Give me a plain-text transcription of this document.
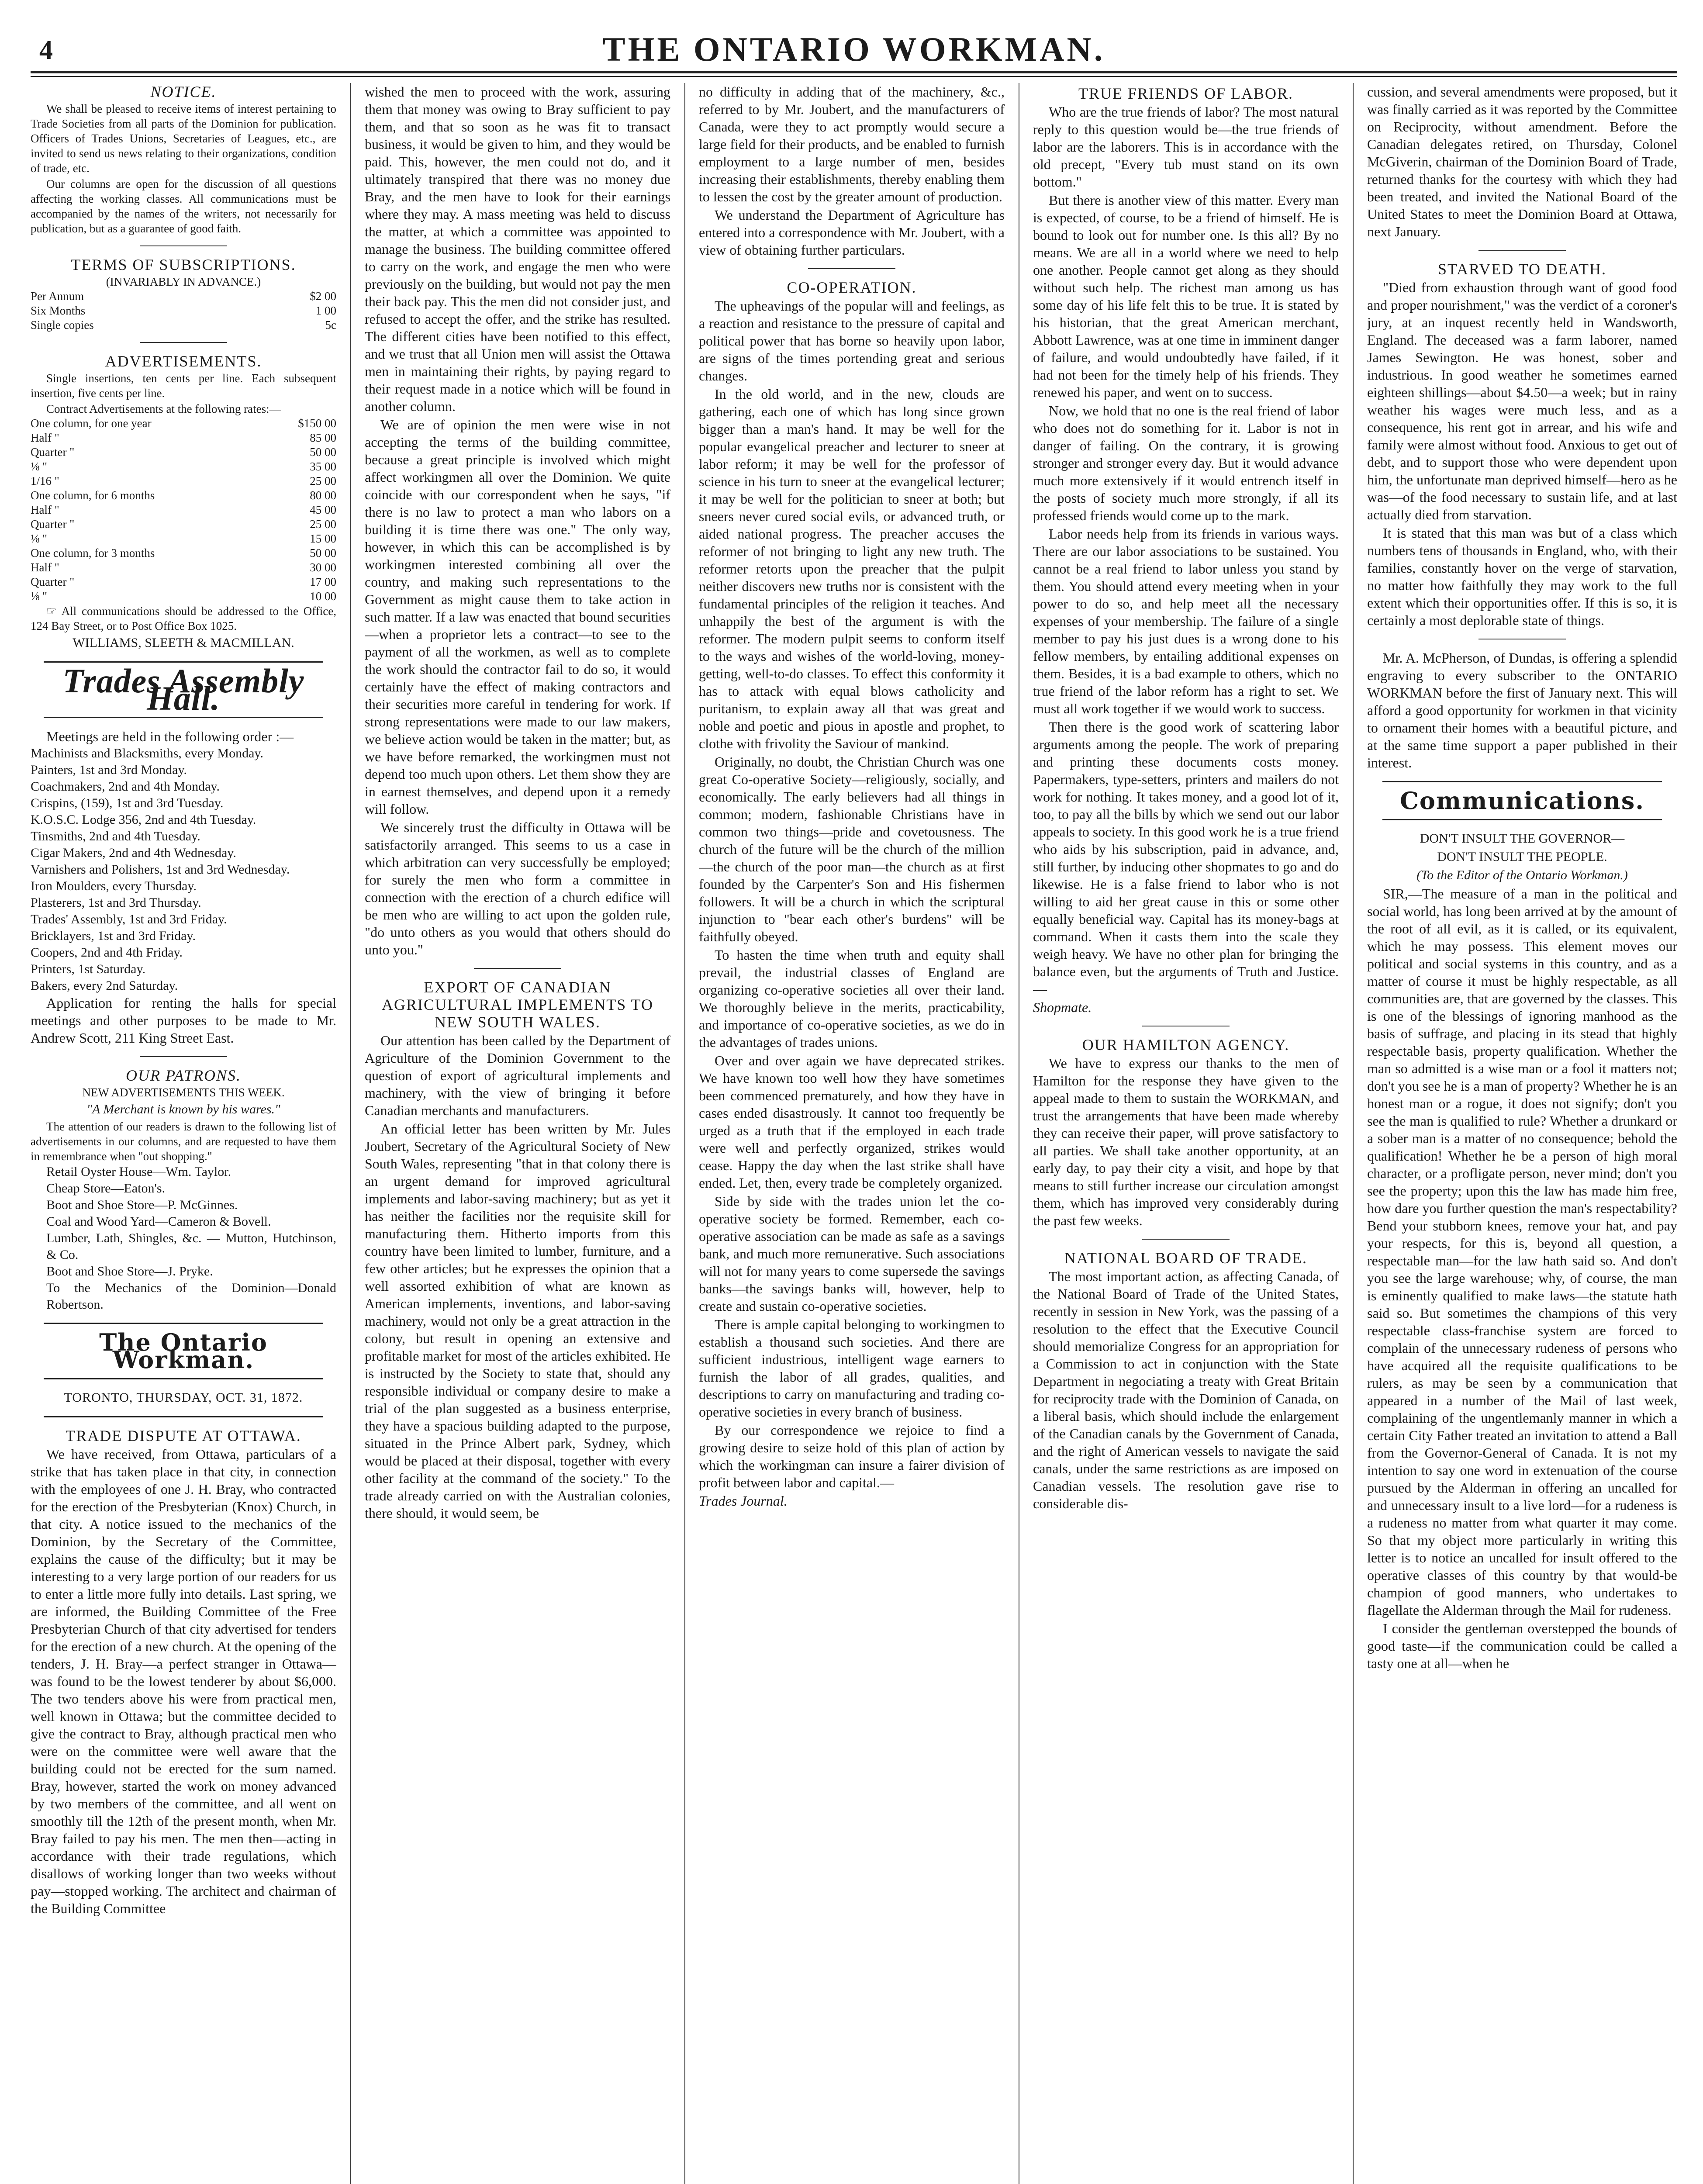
4	THE ONTARIO WORKMAN.

NOTICE.

We shall be pleased to receive items of interest pertaining to Trade Societies from all parts of the Dominion for publication. Officers of Trades Unions, Secretaries of Leagues, etc., are invited to send us news relating to their organizations, condition of trade, etc.

Our columns are open for the discussion of all questions affecting the working classes. All communications must be accompanied by the names of the writers, not necessarily for publication, but as a guarantee of good faith.

TERMS OF SUBSCRIPTIONS.

(INVARIABLY IN ADVANCE.)

Per Annum	$2 00
Six Months	1 00
Single copies	5c

ADVERTISEMENTS.

Single insertions, ten cents per line. Each subsequent insertion, five cents per line.

Contract Advertisements at the following rates:—

One column, for one year	$150 00
Half "	85 00
Quarter "	50 00
⅛ "	35 00
1/16 "	25 00
One column, for 6 months	80 00
Half "	45 00
Quarter "	25 00
⅛ "	15 00
One column, for 3 months	50 00
Half "	30 00
Quarter "	17 00
⅛ "	10 00

☞ All communications should be addressed to the Office, 124 Bay Street, or to Post Office Box 1025.

WILLIAMS, SLEETH & MACMILLAN.

Trades Assembly Hall.

Meetings are held in the following order :—

Machinists and Blacksmiths, every Monday.
Painters, 1st and 3rd Monday.
Coachmakers, 2nd and 4th Monday.
Crispins, (159), 1st and 3rd Tuesday.
K.O.S.C. Lodge 356, 2nd and 4th Tuesday.
Tinsmiths, 2nd and 4th Tuesday.
Cigar Makers, 2nd and 4th Wednesday.
Varnishers and Polishers, 1st and 3rd Wednesday.
Iron Moulders, every Thursday.
Plasterers, 1st and 3rd Thursday.
Trades' Assembly, 1st and 3rd Friday.
Bricklayers, 1st and 3rd Friday.
Coopers, 2nd and 4th Friday.
Printers, 1st Saturday.
Bakers, every 2nd Saturday.

Application for renting the halls for special meetings and other purposes to be made to Mr. Andrew Scott, 211 King Street East.

OUR PATRONS.

NEW ADVERTISEMENTS THIS WEEK.

"A Merchant is known by his wares."

The attention of our readers is drawn to the following list of advertisements in our columns, and are requested to have them in remembrance when "out shopping."

Retail Oyster House—Wm. Taylor.
Cheap Store—Eaton's.
Boot and Shoe Store—P. McGinnes.
Coal and Wood Yard—Cameron & Bovell.
Lumber, Lath, Shingles, &c. — Mutton, Hutchinson, & Co.
Boot and Shoe Store—J. Pryke.
To the Mechanics of the Dominion—Donald Robertson.

The Ontario Workman.

TORONTO, THURSDAY, OCT. 31, 1872.

TRADE DISPUTE AT OTTAWA.

We have received, from Ottawa, particulars of a strike that has taken place in that city, in connection with the employees of one J. H. Bray, who contracted for the erection of the Presbyterian (Knox) Church, in that city. A notice issued to the mechanics of the Dominion, by the Secretary of the Committee, explains the cause of the difficulty; but it may be interesting to a very large portion of our readers for us to enter a little more fully into details. Last spring, we are informed, the Building Committee of the Free Presbyterian Church of that city advertised for tenders for the erection of a new church. At the opening of the tenders, J. H. Bray—a perfect stranger in Ottawa—was found to be the lowest tenderer by about $6,000. The two tenders above his were from practical men, well known in Ottawa; but the committee decided to give the contract to Bray, although practical men who were on the committee were well aware that the building could not be erected for the sum named. Bray, however, started the work on money advanced by two members of the committee, and all went on smoothly till the 12th of the present month, when Mr. Bray failed to pay his men. The men then—acting in accordance with their trade regulations, which disallows of working longer than two weeks without pay—stopped working. The architect and chairman of the Building Committee

wished the men to proceed with the work, assuring them that money was owing to Bray sufficient to pay them, and that so soon as he was fit to transact business, it would be given to him, and they would be paid. This, however, the men could not do, and it ultimately transpired that there was no money due Bray, and the men have to look for their earnings where they may. A mass meeting was held to discuss the matter, at which a committee was appointed to manage the business. The building committee offered to carry on the work, and engage the men who were previously on the building, but would not pay the men their back pay. This the men did not consider just, and refused to accept the offer, and the strike has resulted. The different cities have been notified to this effect, and we trust that all Union men will assist the Ottawa men in maintaining their rights, by paying regard to their request made in a notice which will be found in another column.

We are of opinion the men were wise in not accepting the terms of the building committee, because a great principle is involved which might affect workingmen all over the Dominion. We quite coincide with our correspondent when he says, "if there is no law to protect a man who labors on a building it is time there was one." The only way, however, in which this can be accomplished is by workingmen interested combining all over the country, and making such representations to the Government as might cause them to take action in such matter. If a law was enacted that bound securities—when a proprietor lets a contract—to see to the payment of all the workmen, as well as to complete the work should the contractor fail to do so, it would certainly have the effect of making contractors and their securities more careful in tendering for work. If strong representations were made to our law makers, we believe action would be taken in the matter; but, as we have before remarked, the workingmen must not depend too much upon others. Let them show they are in earnest themselves, and depend upon it a remedy will follow.

We sincerely trust the difficulty in Ottawa will be satisfactorily arranged. This seems to us a case in which arbitration can very successfully be employed; for surely the men who form a committee in connection with the erection of a church edifice will be men who are willing to act upon the golden rule, "do unto others as you would that others should do unto you."

EXPORT OF CANADIAN AGRICULTURAL IMPLEMENTS TO NEW SOUTH WALES.

Our attention has been called by the Department of Agriculture of the Dominion Government to the question of export of agricultural implements and machinery, with the view of bringing it before Canadian merchants and manufacturers.

An official letter has been written by Mr. Jules Joubert, Secretary of the Agricultural Society of New South Wales, representing "that in that colony there is an urgent demand for improved agricultural implements and labor-saving machinery; but as yet it has neither the facilities nor the requisite skill for manufacturing them. Hitherto imports from this country have been limited to lumber, furniture, and a few other articles; but he expresses the opinion that a well assorted exhibition of what are known as American implements, inventions, and labor-saving machinery, would not only be a great attraction in the colony, but result in opening an extensive and profitable market for most of the articles exhibited. He is instructed by the Society to state that, should any responsible individual or company desire to make a trial of the plan suggested as a business enterprise, they have a spacious building adapted to the purpose, situated in the Prince Albert park, Sydney, which would be placed at their disposal, together with every other facility at the command of the society." To the trade already carried on with the Australian colonies, there should, it would seem, be

no difficulty in adding that of the machinery, &c., referred to by Mr. Joubert, and the manufacturers of Canada, were they to act promptly would secure a large field for their products, and be enabled to furnish employment to a large number of men, besides increasing their establishments, thereby enabling them to lessen the cost by the greater amount of production.

We understand the Department of Agriculture has entered into a correspondence with Mr. Joubert, with a view of obtaining further particulars.

CO-OPERATION.

The upheavings of the popular will and feelings, as a reaction and resistance to the pressure of capital and political power that has borne so heavily upon labor, are signs of the times portending great and serious changes.

In the old world, and in the new, clouds are gathering, each one of which has long since grown bigger than a man's hand. It may be well for the popular evangelical preacher and lecturer to sneer at labor reform; it may be well for the professor of science in his turn to sneer at the evangelical lecturer; it may be well for the politician to sneer at both; but sneers never cured social evils, or advanced truth, or aided national progress. The preacher accuses the reformer of not bringing to light any new truth. The reformer retorts upon the preacher that the pulpit neither discovers new truths nor is consistent with the fundamental principles of the religion it teaches. And unhappily the best of the argument is with the reformer. The modern pulpit seems to conform itself to the ways and wishes of the world-loving, money-getting, well-to-do classes. To effect this conformity it has to attack with equal blows catholicity and puritanism, to explain away all that was great and noble and poetic and pious in apostle and prophet, to clothe with frivolity the Saviour of mankind.

Originally, no doubt, the Christian Church was one great Co-operative Society—religiously, socially, and economically. The early believers had all things in common; modern, fashionable Christians have in common two things—pride and covetousness. The church of the future will be the church of the million—the church of the poor man—the church as at first founded by the Carpenter's Son and His fishermen followers. It will be a church in which the scriptural injunction to "bear each other's burdens" will be faithfully obeyed.

To hasten the time when truth and equity shall prevail, the industrial classes of England are organizing co-operative societies all over their land. We thoroughly believe in the merits, practicability, and importance of co-operative societies, as we do in the advantages of trades unions.

Over and over again we have deprecated strikes. We have known too well how they have sometimes been commenced prematurely, and how they have in cases ended disastrously. It cannot too frequently be urged as a truth that if the employed in each trade were well and perfectly organized, strikes would cease. Happy the day when the last strike shall have ended. Let, then, every trade be completely organized.

Side by side with the trades union let the co-operative society be formed. Remember, each co-operative association can be made as safe as a savings bank, and much more remunerative. Such associations will not for many years to come supersede the savings banks—the savings banks will, however, help to create and sustain co-operative societies.

There is ample capital belonging to workingmen to establish a thousand such societies. And there are sufficient industrious, intelligent wage earners to furnish the labor of all grades, qualities, and descriptions to carry on manufacturing and trading co-operative societies in every branch of business.

By our correspondence we rejoice to find a growing desire to seize hold of this plan of action by which the workingman can insure a fairer division of profit between labor and capital.—

Trades Journal.

TRUE FRIENDS OF LABOR.

Who are the true friends of labor? The most natural reply to this question would be—the true friends of labor are the laborers. This is in accordance with the old precept, "Every tub must stand on its own bottom."

But there is another view of this matter. Every man is expected, of course, to be a friend of himself. He is bound to look out for number one. Is this all? By no means. We are all in a world where we need to help one another. People cannot get along as they should without such help. The richest man among us has some day of his life felt this to be true. It is stated by his historian, that the great American merchant, Abbott Lawrence, was at one time in imminent danger of failure, and would undoubtedly have failed, if it had not been for the timely help of his friends. They renewed his paper, and went on to success.

Now, we hold that no one is the real friend of labor who does not do something for it. Labor is not in danger of failing. On the contrary, it is growing stronger and stronger every day. But it would advance much more extensively if it would entrench itself in the posts of society much more strongly, if all its professed friends would come up to the mark.

Labor needs help from its friends in various ways. There are our labor associations to be sustained. You cannot be a real friend to labor unless you stand by them. You should attend every meeting when in your power to do so, and help meet all the necessary expenses of your membership. The failure of a single member to pay his just dues is a wrong done to his fellow members, by entailing additional expenses on them. Besides, it is a bad example to others, which no true friend of the labor reform has a right to set. We must all work together if we would work to success.

Then there is the good work of scattering labor arguments among the people. The work of preparing and printing these documents costs money. Papermakers, type-setters, printers and mailers do not work for nothing. It takes money, and a good lot of it, too, to pay all the bills by which we send out our labor appeals to society. In this good work he is a true friend who aids by his subscription, paid in advance, and, still further, by inducing other shopmates to go and do likewise. He is a false friend to labor who is not willing to aid her great cause in this or some other equally beneficial way. Capital has its money-bags at command. When it casts them into the scale they weigh heavy. We have no other plan for bringing the balance even, but the arguments of Truth and Justice.—

Shopmate.

OUR HAMILTON AGENCY.

We have to express our thanks to the men of Hamilton for the response they have given to the appeal made to them to sustain the WORKMAN, and trust the arrangements that have been made whereby they can receive their paper, will prove satisfactory to all parties. We shall take another opportunity, at an early day, to pay their city a visit, and hope by that means to still further increase our circulation amongst them, which has improved very considerably during the past few weeks.

NATIONAL BOARD OF TRADE.

The most important action, as affecting Canada, of the National Board of Trade of the United States, recently in session in New York, was the passing of a resolution to the effect that the Executive Council should memorialize Congress for an appropriation for a Commission to act in conjunction with the State Department in negociating a treaty with Great Britain for reciprocity trade with the Dominion of Canada, on a liberal basis, which should include the enlargement of the Canadian canals by the Government of Canada, and the right of American vessels to navigate the said canals, under the same restrictions as are imposed on Canadian vessels. The resolution gave rise to considerable dis-

cussion, and several amendments were proposed, but it was finally carried as it was reported by the Committee on Reciprocity, without amendment. Before the Canadian delegates retired, on Thursday, Colonel McGiverin, chairman of the Dominion Board of Trade, returned thanks for the courtesy with which they had been treated, and invited the National Board of the United States to meet the Dominion Board at Ottawa, next January.

STARVED TO DEATH.

"Died from exhaustion through want of good food and proper nourishment," was the verdict of a coroner's jury, at an inquest recently held in Wandsworth, England. The deceased was a farm laborer, named James Sewington. He was honest, sober and industrious. In good weather he sometimes earned eighteen shillings—about $4.50—a week; but in rainy weather his wages were much less, and as a consequence, his rent got in arrear, and his wife and family were almost without food. Anxious to get out of debt, and to support those who were dependent upon him, the unfortunate man deprived himself—hero as he was—of the food necessary to sustain life, and at last actually died from starvation.

It is stated that this man was but of a class which numbers tens of thousands in England, who, with their families, constantly hover on the verge of starvation, no matter how faithfully they may work to the full extent which their opportunities offer. If this is so, it is certainly a most deplorable state of things.

Mr. A. McPherson, of Dundas, is offering a splendid engraving to every subscriber to the ONTARIO WORKMAN before the first of January next. This will afford a good opportunity for workmen in that vicinity to ornament their homes with a beautiful picture, and at the same time support a paper published in their interest.

Communications.

DON'T INSULT THE GOVERNOR—

DON'T INSULT THE PEOPLE.

(To the Editor of the Ontario Workman.)

SIR,—The measure of a man in the political and social world, has long been arrived at by the amount of the root of all evil, as it is called, or its equivalent, which he may possess. This element moves our political and social systems in this country, and as a matter of course it must be highly respectable, as all communities are, that are governed by the classes. This is one of the blessings of ignoring manhood as the basis of suffrage, and placing in its stead that highly respectable basis, property qualification. Whether the man so admitted is a wise man or a fool it matters not; don't you see he is a man of property? Whether he is an honest man or a rogue, it does not signify; don't you see the man is qualified to rule? Whether a drunkard or a sober man is a matter of no consequence; behold the qualification! Whether he be a person of high moral character, or a profligate person, never mind; don't you see the property; upon this the law has made him free, how dare you further question the man's respectability? Bend your stubborn knees, remove your hat, and pay your respects, for this is, beyond all question, a respectable man—for the law hath said so. And don't you see the large warehouse; why, of course, the man is eminently qualified to make laws—the statute hath said so. But sometimes the champions of this very respectable class-franchise system are forced to complain of the unnecessary rudeness of persons who have acquired all the requisite qualifications to be rulers, as may be seen by a communication that appeared in a number of the Mail of last week, complaining of the ungentlemanly manner in which a certain City Father treated an invitation to attend a Ball from the Governor-General of Canada. It is not my intention to say one word in extenuation of the course pursued by the Alderman in offering an uncalled for and unnecessary insult to a live lord—for a rudeness is a rudeness no matter from what quarter it may come. So that my object more particularly in writing this letter is to notice an uncalled for insult offered to the operative classes of this country by that would-be champion of good manners, who undertakes to flagellate the Alderman through the Mail for rudeness.

I consider the gentleman overstepped the bounds of good taste—if the communication could be called a tasty one at all—when he
